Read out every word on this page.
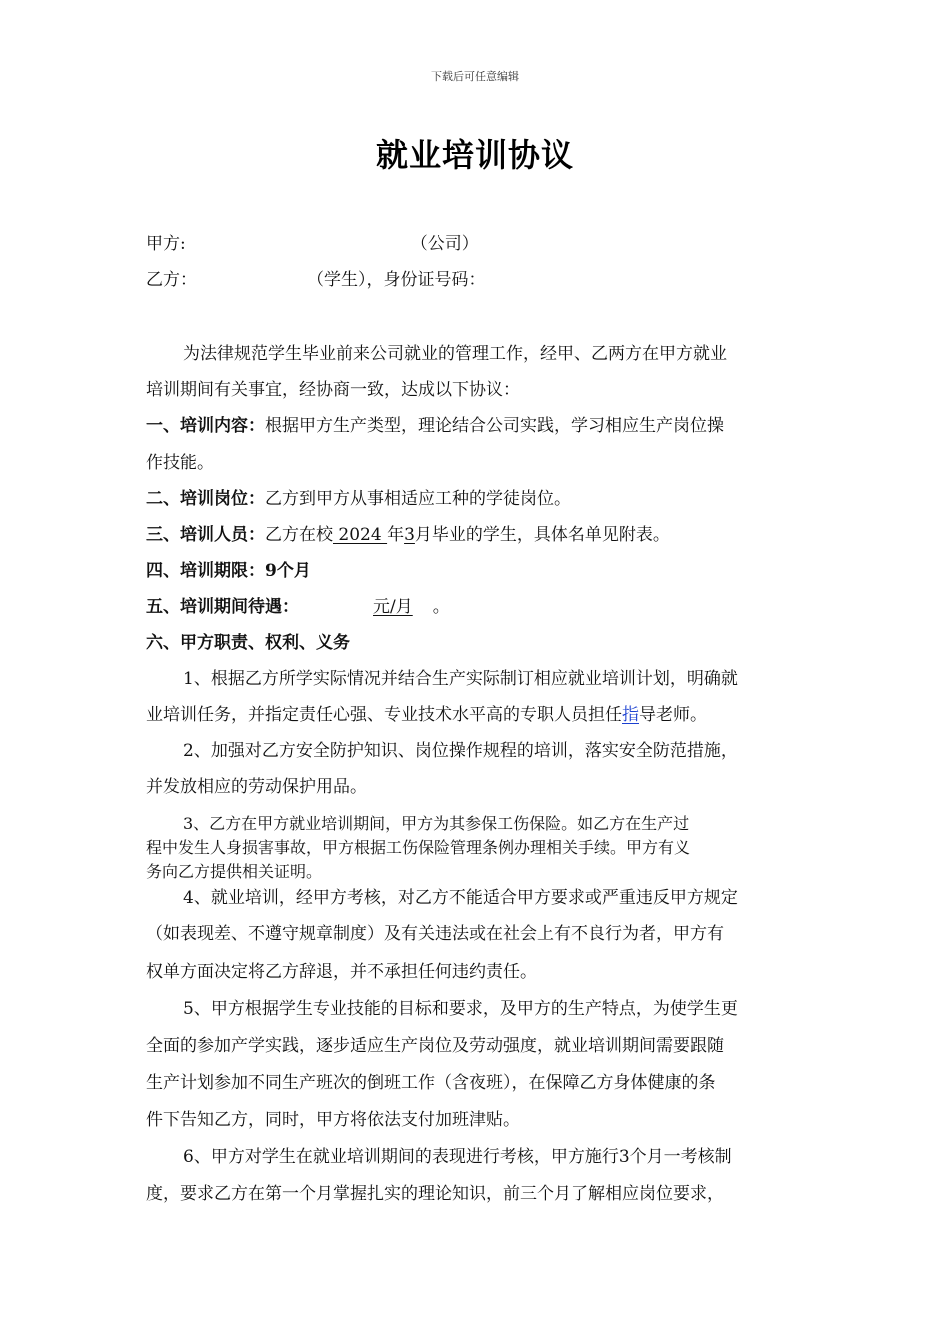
下载后可任意编辑
就业培训协议
甲方:	（公司）
乙方：	（学生），身份证号码：
为法律规范学生毕业前来公司就业的管理工作，经甲、乙两方在甲方就业
培训期间有关事宜，经协商一致，达成以下协议：
一、培训内容：根据甲方生产类型，理论结合公司实践，学习相应生产岗位操
作技能。
二、培训岗位：乙方到甲方从事相适应工种的学徒岗位。
三、培训人员：乙方在校 2024 年3月毕业的学生，具体名单见附表。
四、培训期限：9个月
五、培训期间待遇：	元/月 。
六、甲方职责、权利、义务
1、根据乙方所学实际情况并结合生产实际制订相应就业培训计划，明确就
业培训任务，并指定责任心强、专业技术水平高的专职人员担任指导老师。
2、加强对乙方安全防护知识、岗位操作规程的培训，落实安全防范措施，
并发放相应的劳动保护用品。
3、乙方在甲方就业培训期间，甲方为其参保工伤保险。如乙方在生产过
程中发生人身损害事故，甲方根据工伤保险管理条例办理相关手续。甲方有义
务向乙方提供相关证明。
4、就业培训，经甲方考核，对乙方不能适合甲方要求或严重违反甲方规定
（如表现差、不遵守规章制度）及有关违法或在社会上有不良行为者，甲方有
权单方面决定将乙方辞退，并不承担任何违约责任。
5、甲方根据学生专业技能的目标和要求，及甲方的生产特点，为使学生更
全面的参加产学实践，逐步适应生产岗位及劳动强度，就业培训期间需要跟随
生产计划参加不同生产班次的倒班工作（含夜班），在保障乙方身体健康的条
件下告知乙方，同时，甲方将依法支付加班津贴。
6、甲方对学生在就业培训期间的表现进行考核，甲方施行3个月一考核制
度，要求乙方在第一个月掌握扎实的理论知识，前三个月了解相应岗位要求，
